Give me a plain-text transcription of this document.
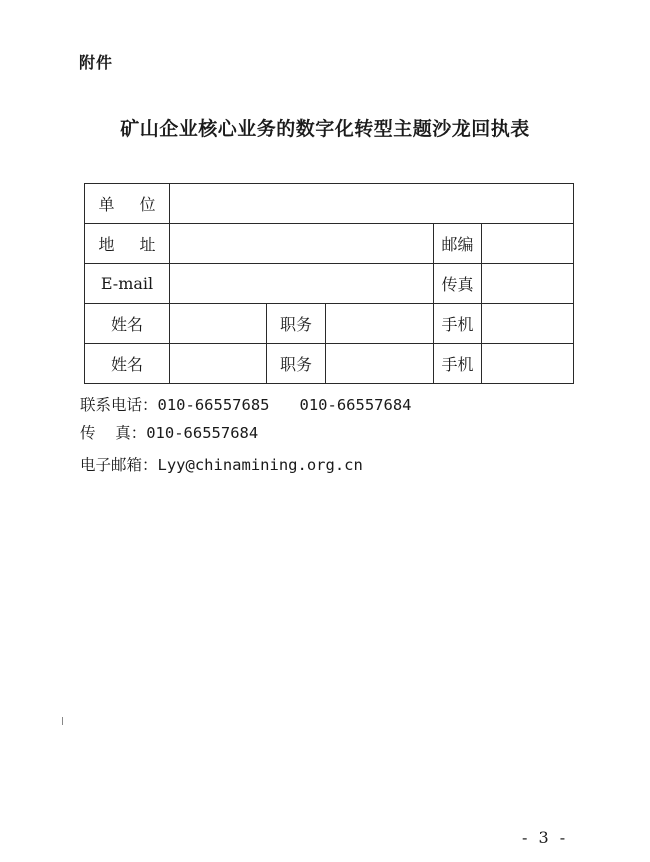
附件
矿山企业核心业务的数字化转型主题沙龙回执表
单 位					
地 址				邮编	
E-mail				传真	
姓名		职务		手机	
姓名		职务		手机	
联系电话：010-66557685 010-66557684
传    真：010-66557684
电子邮箱：Lyy@chinamining.org.cn
- 3 -
